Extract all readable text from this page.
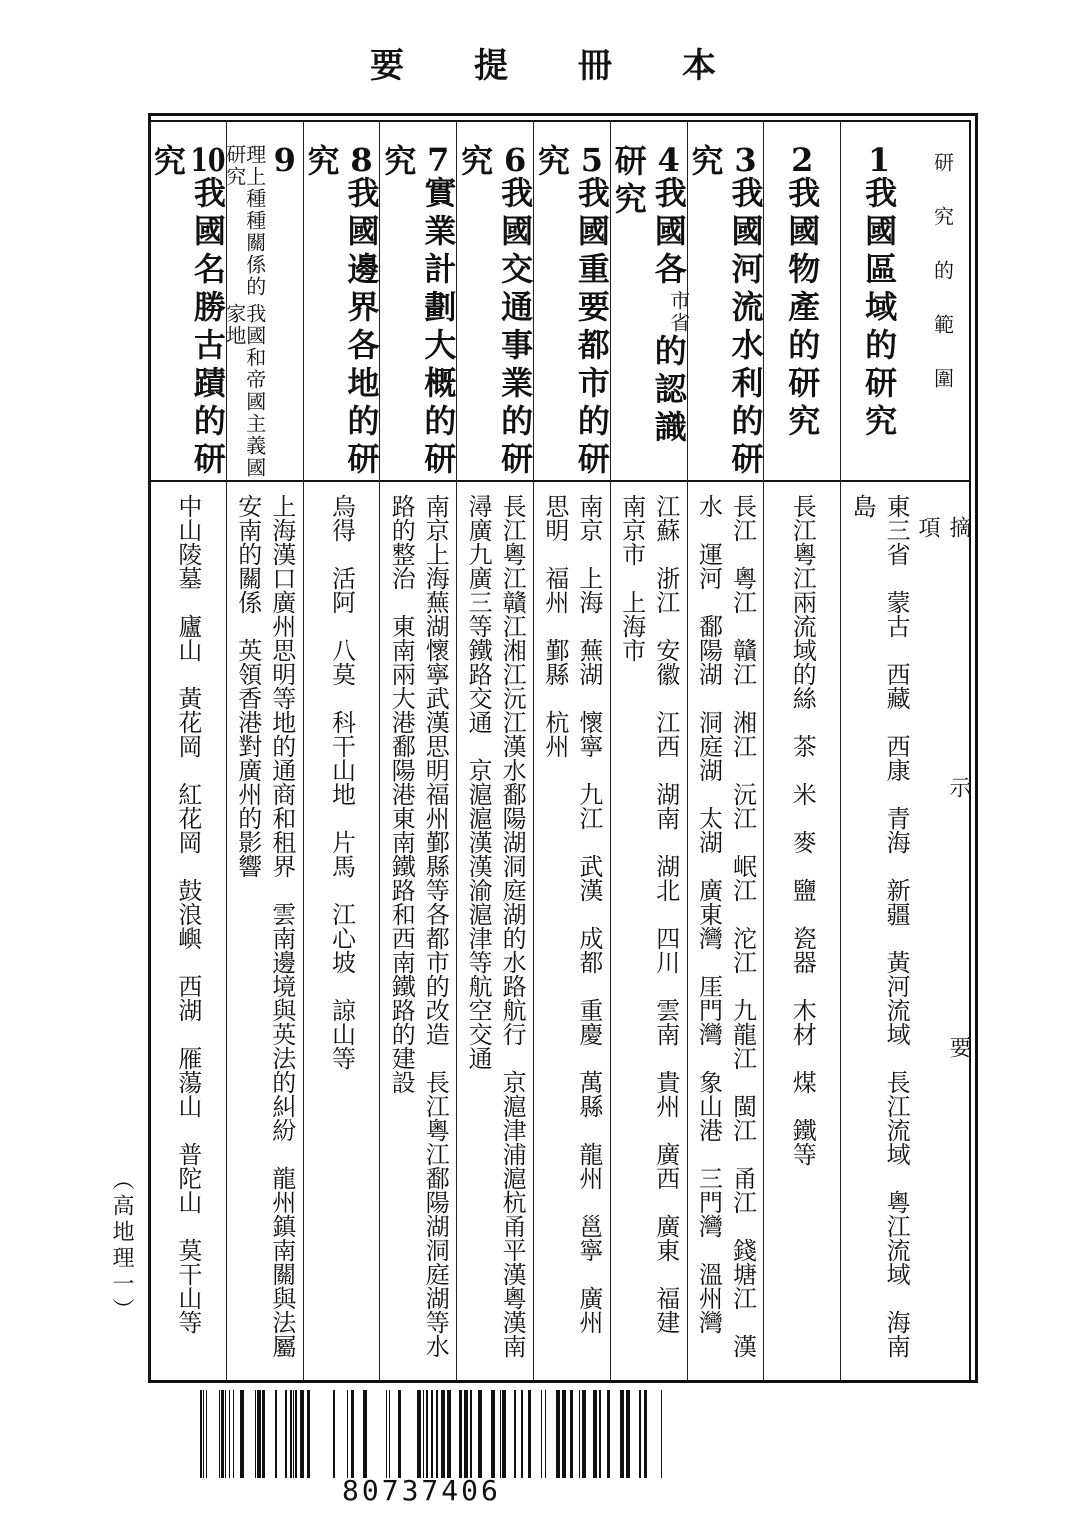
本冊提要
研究的範圍
摘示要項
1我國區域的研究
東三省　蒙古　西藏　西康　青海　新疆　黃河流域　長江流域　粵江流域　海南
島
2我國物產的研究
長江粵江兩流域的絲　茶　米　麥　鹽　瓷器　木材　煤　鐵等
3我國河流水利的研究
長江　粵江　贛江　湘江　沅江　岷江　沱江　九龍江　閩江　甬江　錢塘江　漢
水　運河　鄱陽湖　洞庭湖　太湖　廣東灣　厓門灣　象山港　三門灣　溫州灣
4我國各
省
市
的認識研究
江蘇　浙江　安徽　江西　湖南　湖北　四川　雲南　貴州　廣西　廣東　福建
南京市　上海市
5我國重要都市的研究
南京　上海　蕪湖　懷寧　九江　武漢　成都　重慶　萬縣　龍州　邕寧　廣州
思明　福州　鄞縣　杭州
6我國交通事業的研究
長江粵江贛江湘江沅江漢水鄱陽湖洞庭湖的水路航行　京滬津浦滬杭甬平漢粵漢南
潯廣九廣三等鐵路交通　京滬滬漢漢渝滬津等航空交通
7實業計劃大概的研究
南京上海蕪湖懷寧武漢思明福州鄞縣等各都市的改造　長江粵江鄱陽湖洞庭湖等水
路的整治　東南兩大港鄱陽港東南鐵路和西南鐵路的建設
8我國邊界各地的研究
烏得　活阿　八莫　科干山地　片馬　江心坡　諒山等
9
我國和帝國主義國家地
理上種種關係的研究
上海漢口廣州思明等地的通商和租界　雲南邊境與英法的糾紛　龍州鎮南關與法屬
安南的關係　英領香港對廣州的影響
10我國名勝古蹟的研究
中山陵墓　廬山　黃花岡　紅花岡　鼓浪嶼　西湖　雁蕩山　普陀山　莫干山等
（高地理一）
80737406
